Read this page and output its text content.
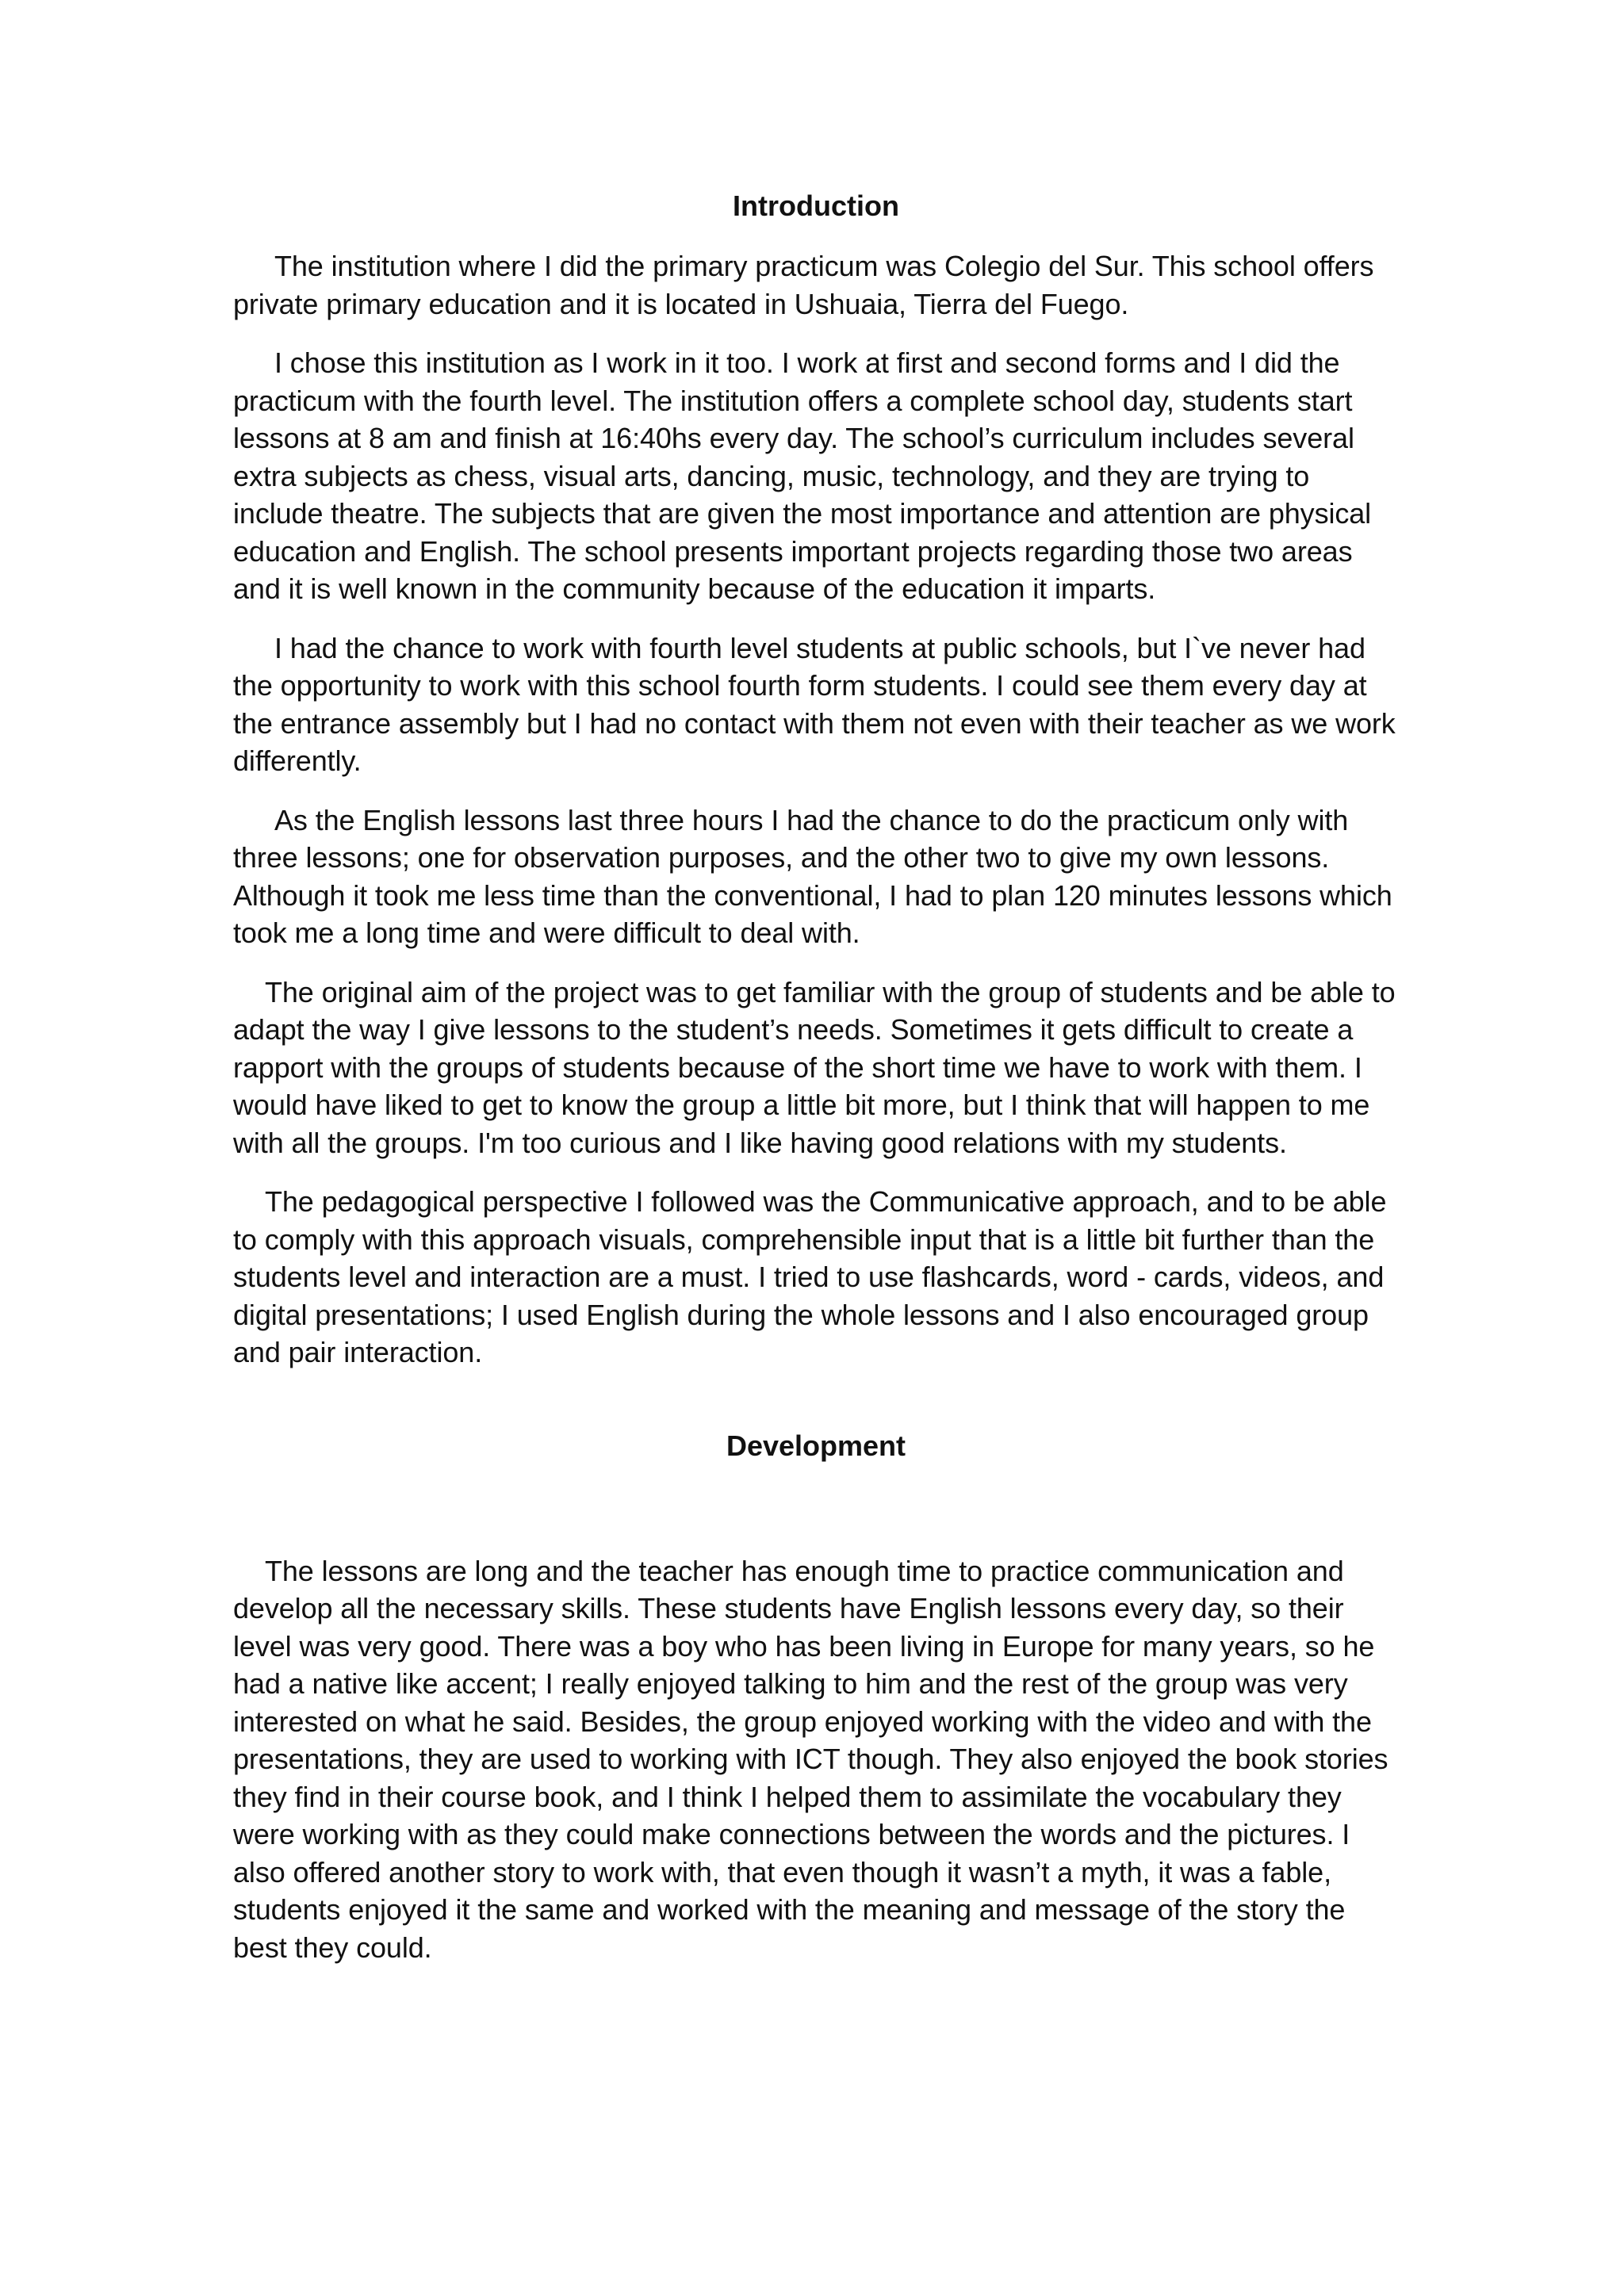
Introduction

The institution where I did the primary practicum was Colegio del Sur. This school offers private primary education and it is located in Ushuaia, Tierra del Fuego.

I chose this institution as I work in it too. I work at first and second forms and I did the practicum with the fourth level. The institution offers a complete school day, students start lessons at 8 am and finish at 16:40hs every day. The school’s curriculum includes several extra subjects as chess, visual arts, dancing, music, technology, and they are trying to include theatre. The subjects that are given the most importance and attention are physical education and English. The school presents important projects regarding those two areas and it is well known in the community because of the education it imparts.

I had the chance to work with fourth level students at public schools, but I`ve never had the opportunity to work with this school fourth form students. I could see them every day at the entrance assembly but I had no contact with them not even with their teacher as we work differently.

As the English lessons last three hours I had the chance to do the practicum only with three lessons; one for observation purposes, and the other two to give my own lessons. Although it took me less time than the conventional, I had to plan 120 minutes lessons which took me a long time and were difficult to deal with.

The original aim of the project was to get familiar with the group of students and be able to adapt the way I give lessons to the student’s needs. Sometimes it gets difficult to create a rapport with the groups of students because of the short time we have to work with them. I would have liked to get to know the group a little bit more, but I think that will happen to me with all the groups. I'm too curious and I like having good relations with my students.

The pedagogical perspective I followed was the Communicative approach, and to be able to comply with this approach visuals, comprehensible input that is a little bit further than the students level and interaction are a must. I tried to use flashcards, word - cards, videos, and digital presentations; I used English during the whole lessons and I also encouraged group and pair interaction.

Development

The lessons are long and the teacher has enough time to practice communication and develop all the necessary skills. These students have English lessons every day, so their level was very good. There was a boy who has been living in Europe for many years, so he had a native like accent; I really enjoyed talking to him and the rest of the group was very interested on what he said. Besides, the group enjoyed working with the video and with the presentations, they are used to working with ICT though. They also enjoyed the book stories they find in their course book, and I think I helped them to assimilate the vocabulary they were working with as they could make connections between the words and the pictures. I also offered another story to work with, that even though it wasn’t a myth, it was a fable, students enjoyed it the same and worked with the meaning and message of the story the best they could.
